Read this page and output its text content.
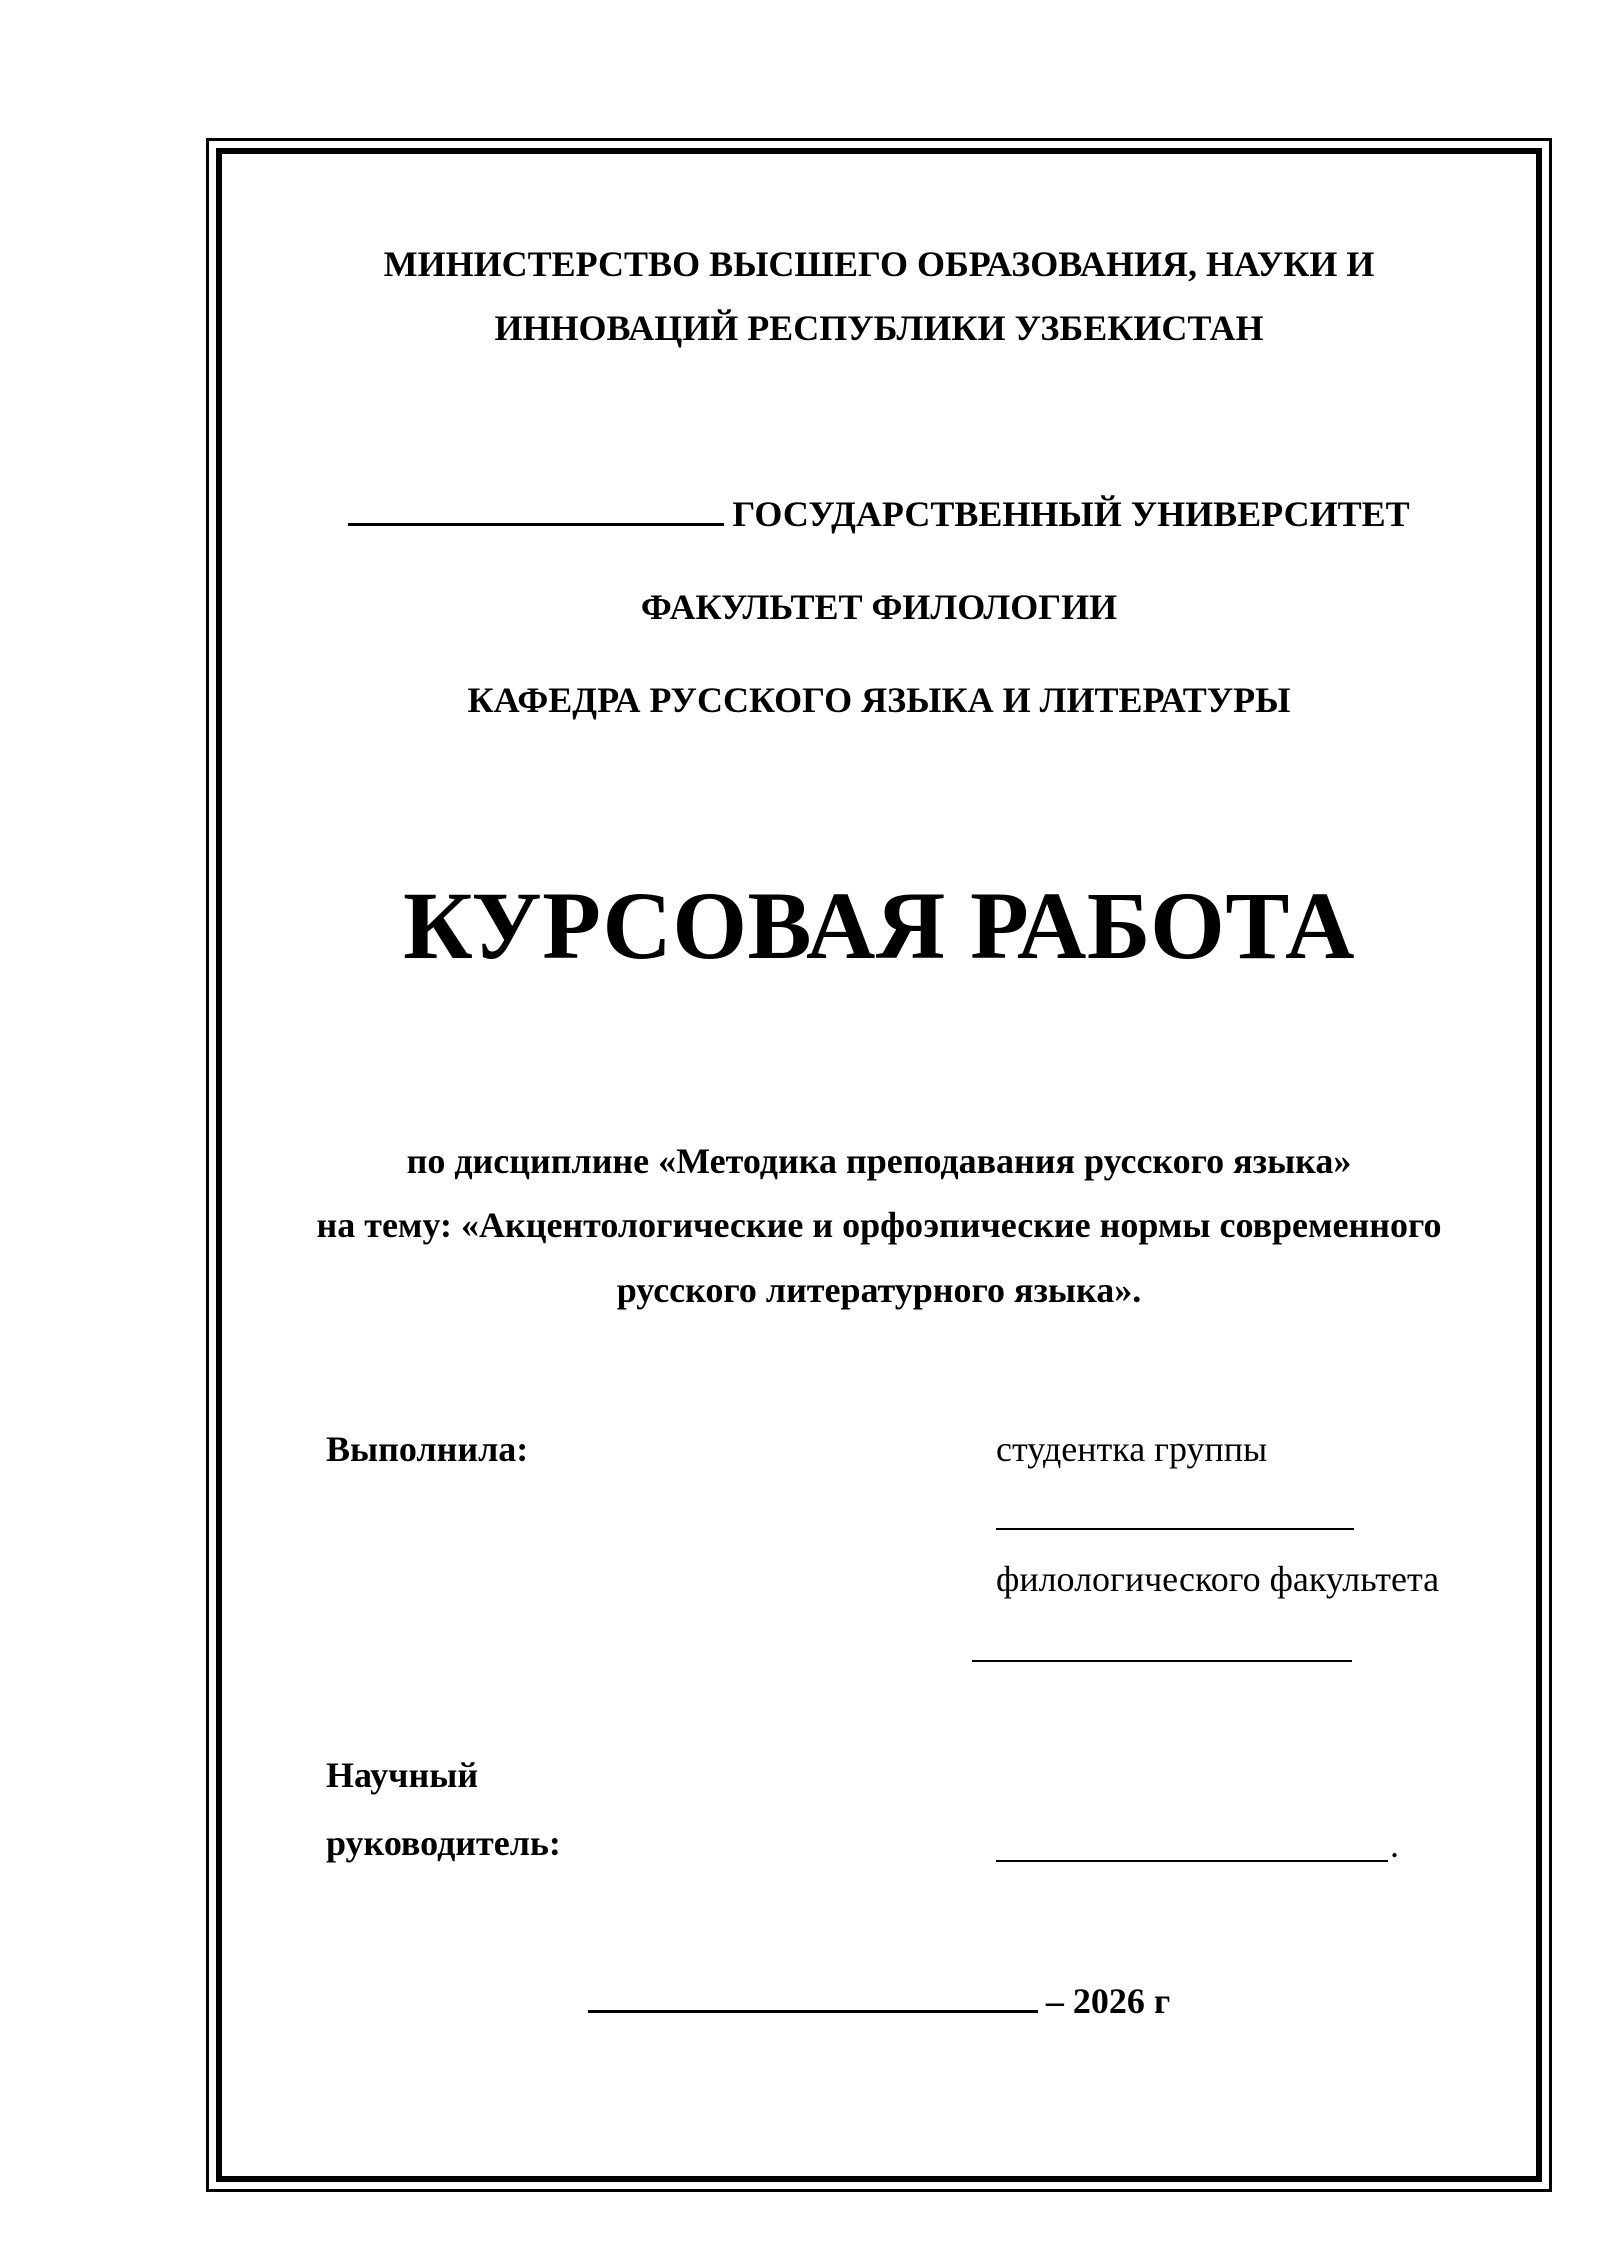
МИНИСТЕРСТВО ВЫСШЕГО ОБРАЗОВАНИЯ, НАУКИ И
ИННОВАЦИЙ РЕСПУБЛИКИ УЗБЕКИСТАН
ГОСУДАРСТВЕННЫЙ УНИВЕРСИТЕТ
ФАКУЛЬТЕТ ФИЛОЛОГИИ
КАФЕДРА РУССКОГО ЯЗЫКА И ЛИТЕРАТУРЫ
КУРСОВАЯ РАБОТА
по дисциплине «Методика преподавания русского языка»
на тему: «Акцентологические и орфоэпические нормы современного
русского литературного языка».
Выполнила:	студентка группы
филологического факультета
Научный
руководитель:	.
– 2026 г
